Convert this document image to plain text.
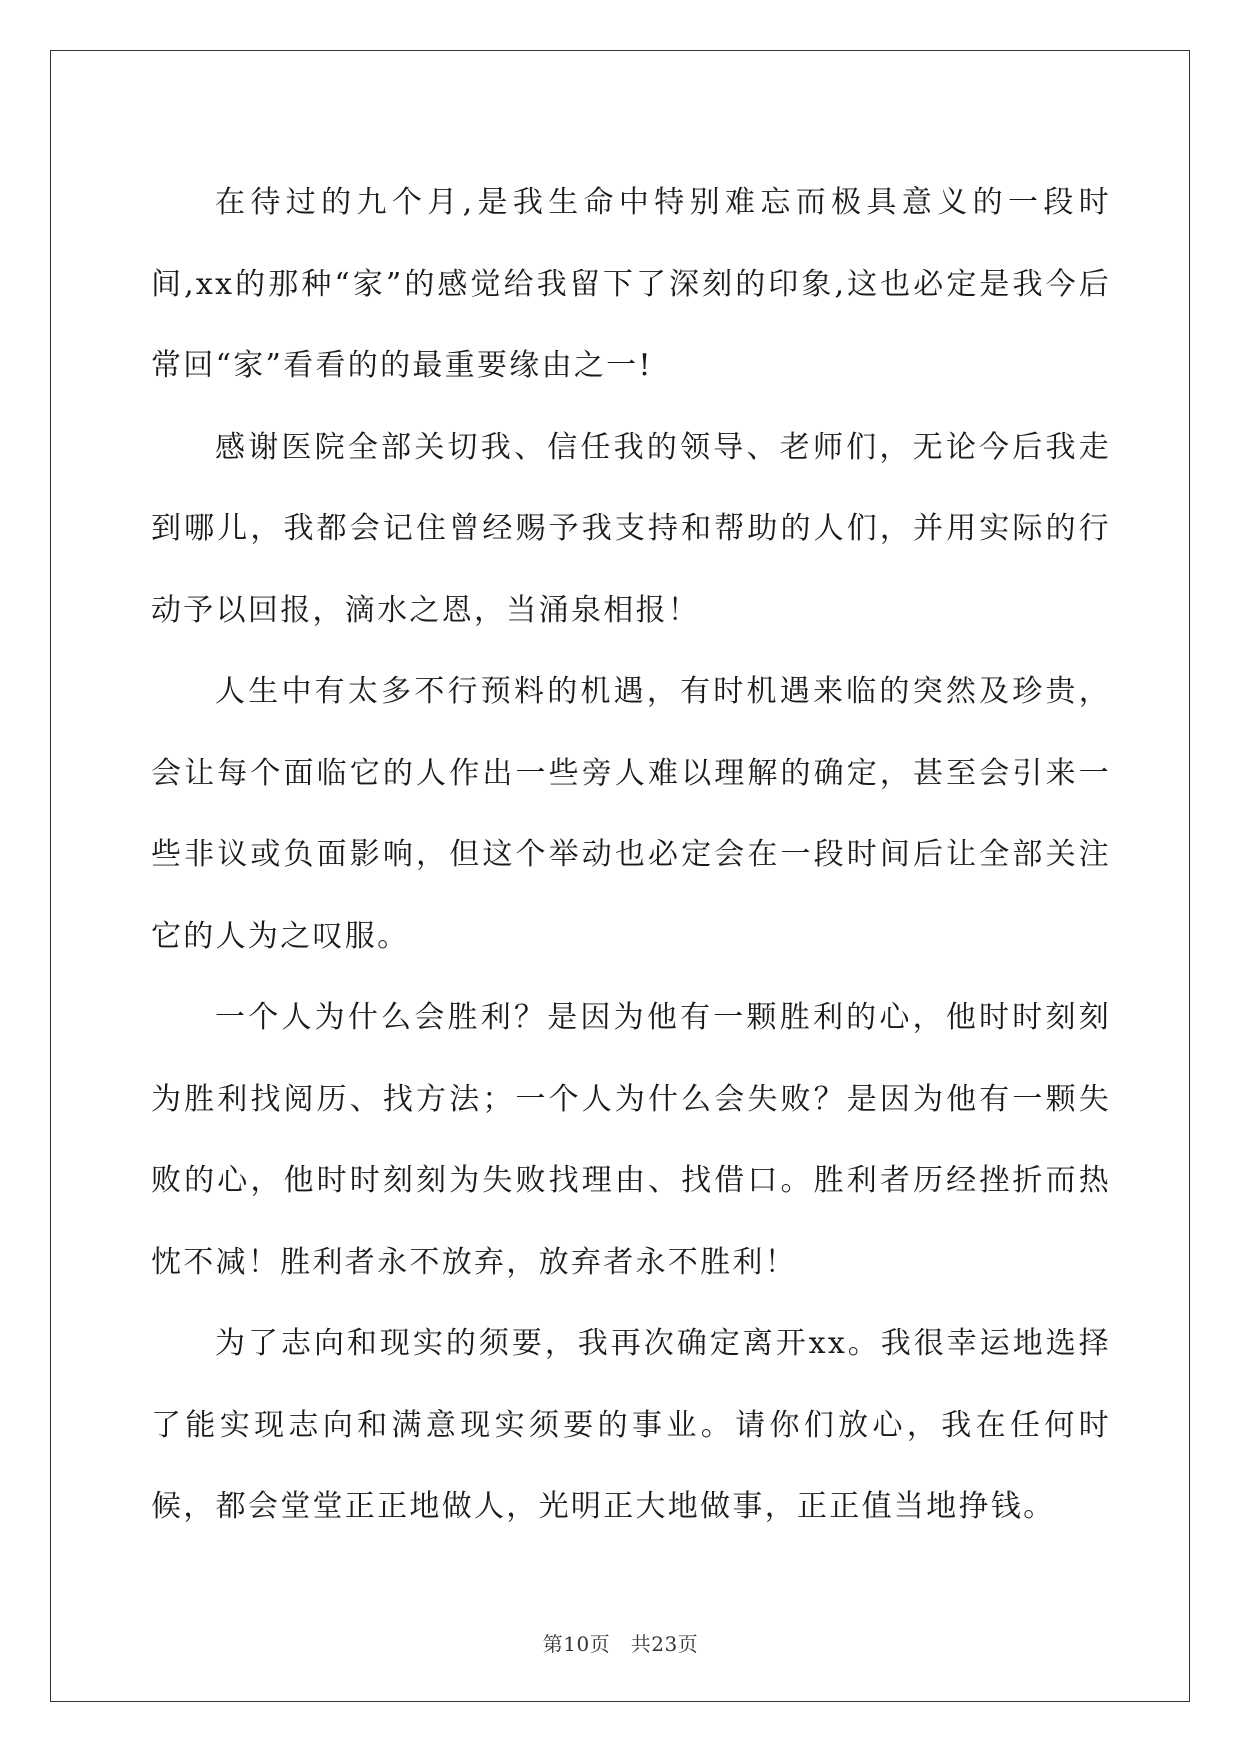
在待过的九个月,是我生命中特别难忘而极具意义的一段时间,xx的那种“家”的感觉给我留下了深刻的印象,这也必定是我今后常回“家”看看的的最重要缘由之一!

感谢医院全部关切我、信任我的领导、老师们，无论今后我走到哪儿，我都会记住曾经赐予我支持和帮助的人们，并用实际的行动予以回报，滴水之恩，当涌泉相报！

人生中有太多不行预料的机遇，有时机遇来临的突然及珍贵，会让每个面临它的人作出一些旁人难以理解的确定，甚至会引来一些非议或负面影响，但这个举动也必定会在一段时间后让全部关注它的人为之叹服。

一个人为什么会胜利？是因为他有一颗胜利的心，他时时刻刻为胜利找阅历、找方法；一个人为什么会失败？是因为他有一颗失败的心，他时时刻刻为失败找理由、找借口。胜利者历经挫折而热忱不减！胜利者永不放弃，放弃者永不胜利！

为了志向和现实的须要，我再次确定离开xx。我很幸运地选择了能实现志向和满意现实须要的事业。请你们放心，我在任何时候，都会堂堂正正地做人，光明正大地做事，正正值当地挣钱。

第10页　共23页
